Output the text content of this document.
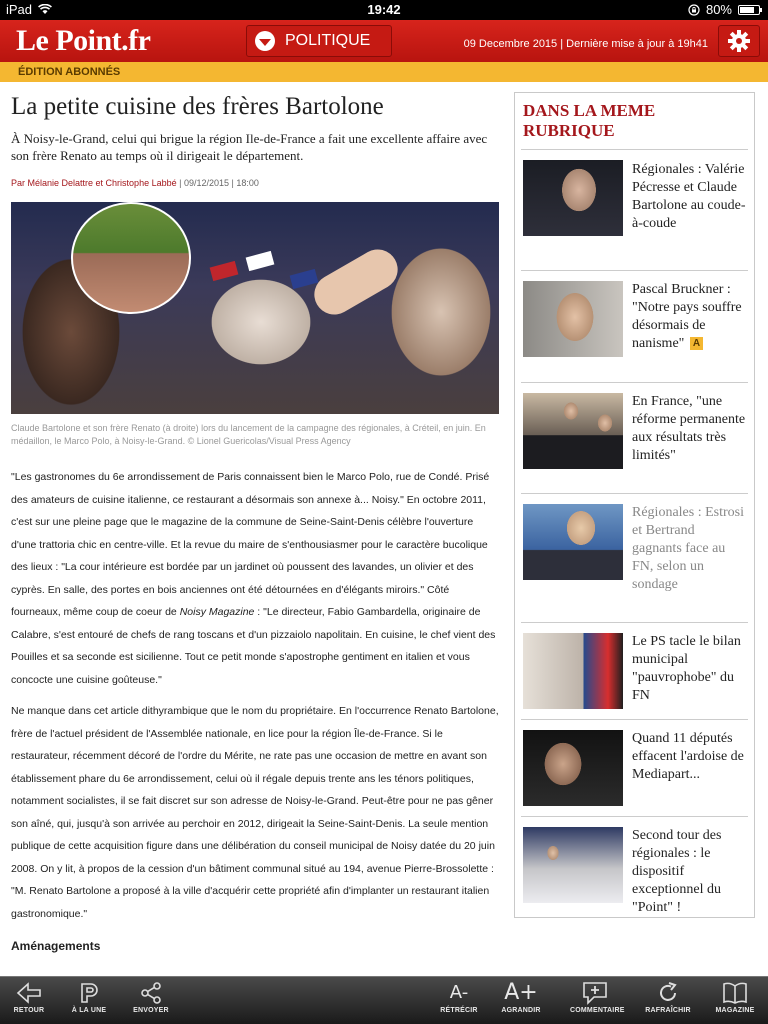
iPad	19:42	80%
Le Point.fr	POLITIQUE	09 Decembre 2015 | Dernière mise à jour à 19h41
ÉDITION ABONNÉS
La petite cuisine des frères Bartolone

À Noisy-le-Grand, celui qui brigue la région Ile-de-France a fait une excellente affaire avec son frère Renato au temps où il dirigeait le département.

Par Mélanie Delattre et Christophe Labbé | 09/12/2015 | 18:00

Claude Bartolone et son frère Renato (à droite) lors du lancement de la campagne des régionales, à Créteil, en juin. En médaillon, le Marco Polo, à Noisy-le-Grand. © Lionel Guericolas/Visual Press Agency

"Les gastronomes du 6e arrondissement de Paris connaissent bien le Marco Polo, rue de Condé. Prisé des amateurs de cuisine italienne, ce restaurant a désormais son annexe à... Noisy." En octobre 2011, c'est sur une pleine page que le magazine de la commune de Seine-Saint-Denis célèbre l'ouverture d'une trattoria chic en centre-ville. Et la revue du maire de s'enthousiasmer pour le caractère bucolique des lieux : "La cour intérieure est bordée par un jardinet où poussent des lavandes, un olivier et des cyprès. En salle, des portes en bois anciennes ont été détournées en d'élégants miroirs." Côté fourneaux, même coup de coeur de Noisy Magazine : "Le directeur, Fabio Gambardella, originaire de Calabre, s'est entouré de chefs de rang toscans et d'un pizzaiolo napolitain. En cuisine, le chef vient des Pouilles et sa seconde est sicilienne. Tout ce petit monde s'apostrophe gentiment en italien et vous concocte une cuisine goûteuse."

Ne manque dans cet article dithyrambique que le nom du propriétaire. En l'occurrence Renato Bartolone, frère de l'actuel président de l'Assemblée nationale, en lice pour la région Île-de-France. Si le restaurateur, récemment décoré de l'ordre du Mérite, ne rate pas une occasion de mettre en avant son établissement phare du 6e arrondissement, celui où il régale depuis trente ans les ténors politiques, notamment socialistes, il se fait discret sur son adresse de Noisy-le-Grand. Peut-être pour ne pas gêner son aîné, qui, jusqu'à son arrivée au perchoir en 2012, dirigeait la Seine-Saint-Denis. La seule mention publique de cette acquisition figure dans une délibération du conseil municipal de Noisy datée du 20 juin 2008. On y lit, à propos de la cession d'un bâtiment communal situé au 194, avenue Pierre-Brossolette : "M. Renato Bartolone a proposé à la ville d'acquérir cette propriété afin d'implanter un restaurant italien gastronomique."

Aménagements
DANS LA MEME RUBRIQUE
Régionales : Valérie Pécresse et Claude Bartolone au coude-à-coude
Pascal Bruckner : "Notre pays souffre désormais de nanisme" A
En France, "une réforme permanente aux résultats très limités"
Régionales : Estrosi et Bertrand gagnants face au FN, selon un sondage
Le PS tacle le bilan municipal "pauvrophobe" du FN
Quand 11 députés effacent l'ardoise de Mediapart...
Second tour des régionales : le dispositif exceptionnel du "Point" !
RETOUR	À LA UNE	ENVOYER
A-
RÉTRÉCIR
A+
AGRANDIR	COMMENTAIRE	RAFRAÎCHIR	MAGAZINE
